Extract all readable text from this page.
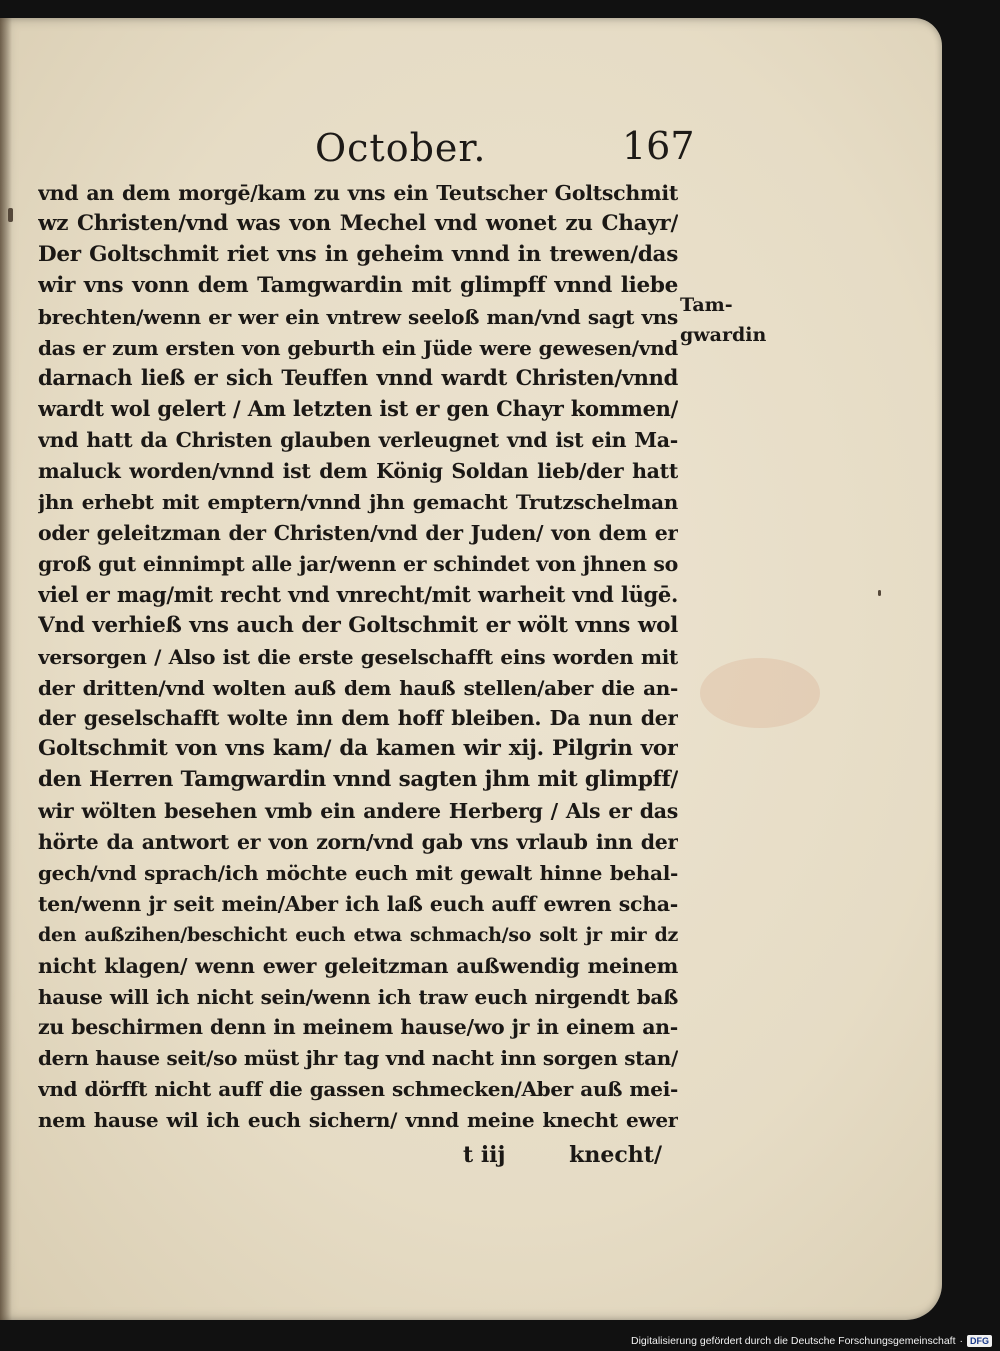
October.	167
vnd an dem morgē/kam zu vns ein Teutscher Goltschmit
wz Christen/vnd was von Mechel vnd wonet zu Chayr/
Der Goltschmit riet vns in geheim vnnd in trewen/das
wir vns vonn dem Tamgwardin mit glimpff vnnd liebe
brechten/wenn er wer ein vntrew seeloß man/vnd sagt vns
das er zum ersten von geburth ein Jüde were gewesen/vnd
darnach ließ er sich Teuffen vnnd wardt Christen/vnnd
wardt wol gelert / Am letzten ist er gen Chayr kommen/
vnd hatt da Christen glauben verleugnet vnd ist ein Ma-
maluck worden/vnnd ist dem König Soldan lieb/der hatt
jhn erhebt mit emptern/vnnd jhn gemacht Trutzschelman
oder geleitzman der Christen/vnd der Juden/ von dem er
groß gut einnimpt alle jar/wenn er schindet von jhnen so
viel er mag/mit recht vnd vnrecht/mit warheit vnd lügē.
Vnd verhieß vns auch der Goltschmit er wölt vnns wol
versorgen / Also ist die erste geselschafft eins worden mit
der dritten/vnd wolten auß dem hauß stellen/aber die an-
der geselschafft wolte inn dem hoff bleiben. Da nun der
Goltschmit von vns kam/ da kamen wir xij. Pilgrin vor
den Herren Tamgwardin vnnd sagten jhm mit glimpff/
wir wölten besehen vmb ein andere Herberg / Als er das
hörte da antwort er von zorn/vnd gab vns vrlaub inn der
gech/vnd sprach/ich möchte euch mit gewalt hinne behal-
ten/wenn jr seit mein/Aber ich laß euch auff ewren scha-
den außzihen/beschicht euch etwa schmach/so solt jr mir dz
nicht klagen/ wenn ewer geleitzman außwendig meinem
hause will ich nicht sein/wenn ich traw euch nirgendt baß
zu beschirmen denn in meinem hause/wo jr in einem an-
dern hause seit/so müst jhr tag vnd nacht inn sorgen stan/
vnd dörfft nicht auff die gassen schmecken/Aber auß mei-
nem hause wil ich euch sichern/ vnnd meine knecht ewer
Tam-
gwardin
t iij	knecht/
Digitalisierung gefördert durch die Deutsche Forschungsgemeinschaft · DFG
